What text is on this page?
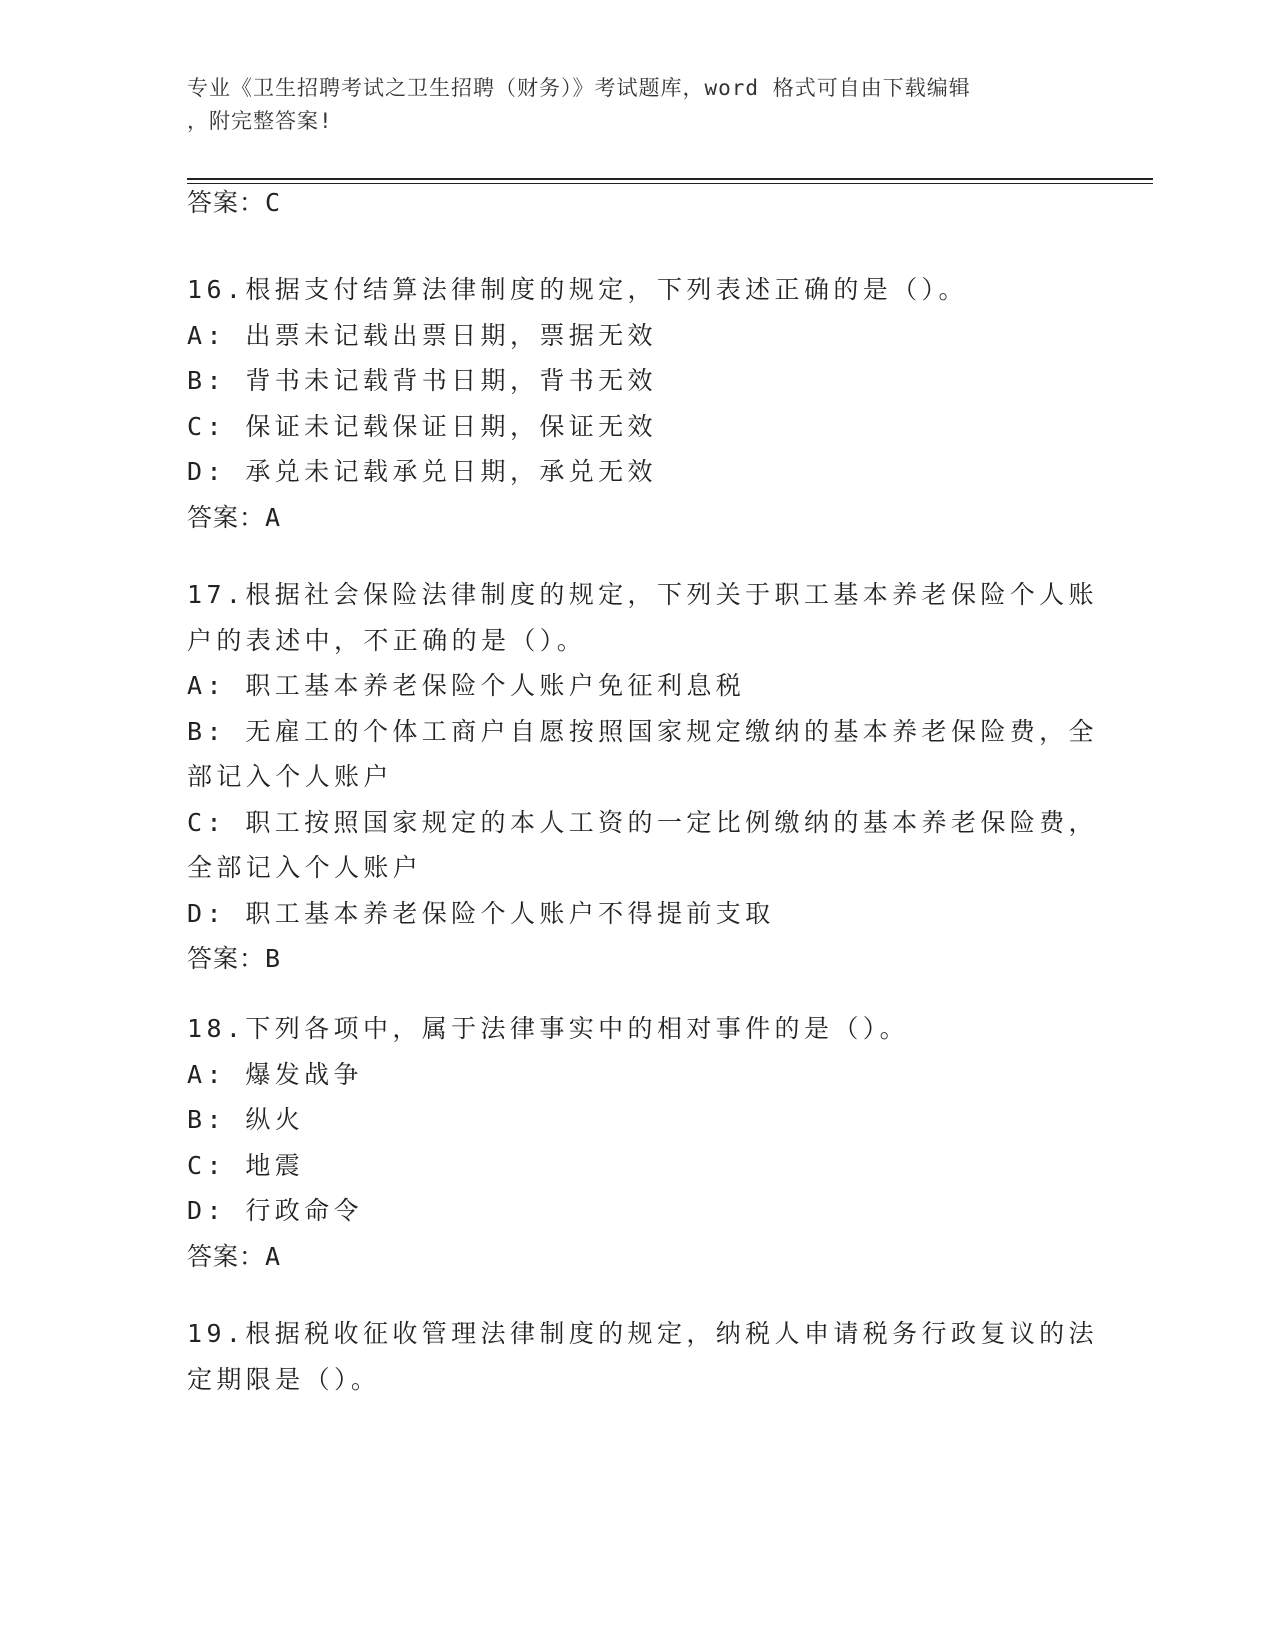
专业《卫生招聘考试之卫生招聘（财务）》考试题库，word 格式可自由下载编辑
，附完整答案!
答案：C
16.根据支付结算法律制度的规定，下列表述正确的是（）。
A: 出票未记载出票日期，票据无效
B: 背书未记载背书日期，背书无效
C: 保证未记载保证日期，保证无效
D: 承兑未记载承兑日期，承兑无效
答案：A
17.根据社会保险法律制度的规定，下列关于职工基本养老保险个人账
户的表述中，不正确的是（）。
A: 职工基本养老保险个人账户免征利息税
B: 无雇工的个体工商户自愿按照国家规定缴纳的基本养老保险费，全
部记入个人账户
C: 职工按照国家规定的本人工资的一定比例缴纳的基本养老保险费，
全部记入个人账户
D: 职工基本养老保险个人账户不得提前支取
答案：B
18.下列各项中，属于法律事实中的相对事件的是（）。
A: 爆发战争
B: 纵火
C: 地震
D: 行政命令
答案：A
19.根据税收征收管理法律制度的规定，纳税人申请税务行政复议的法
定期限是（）。
